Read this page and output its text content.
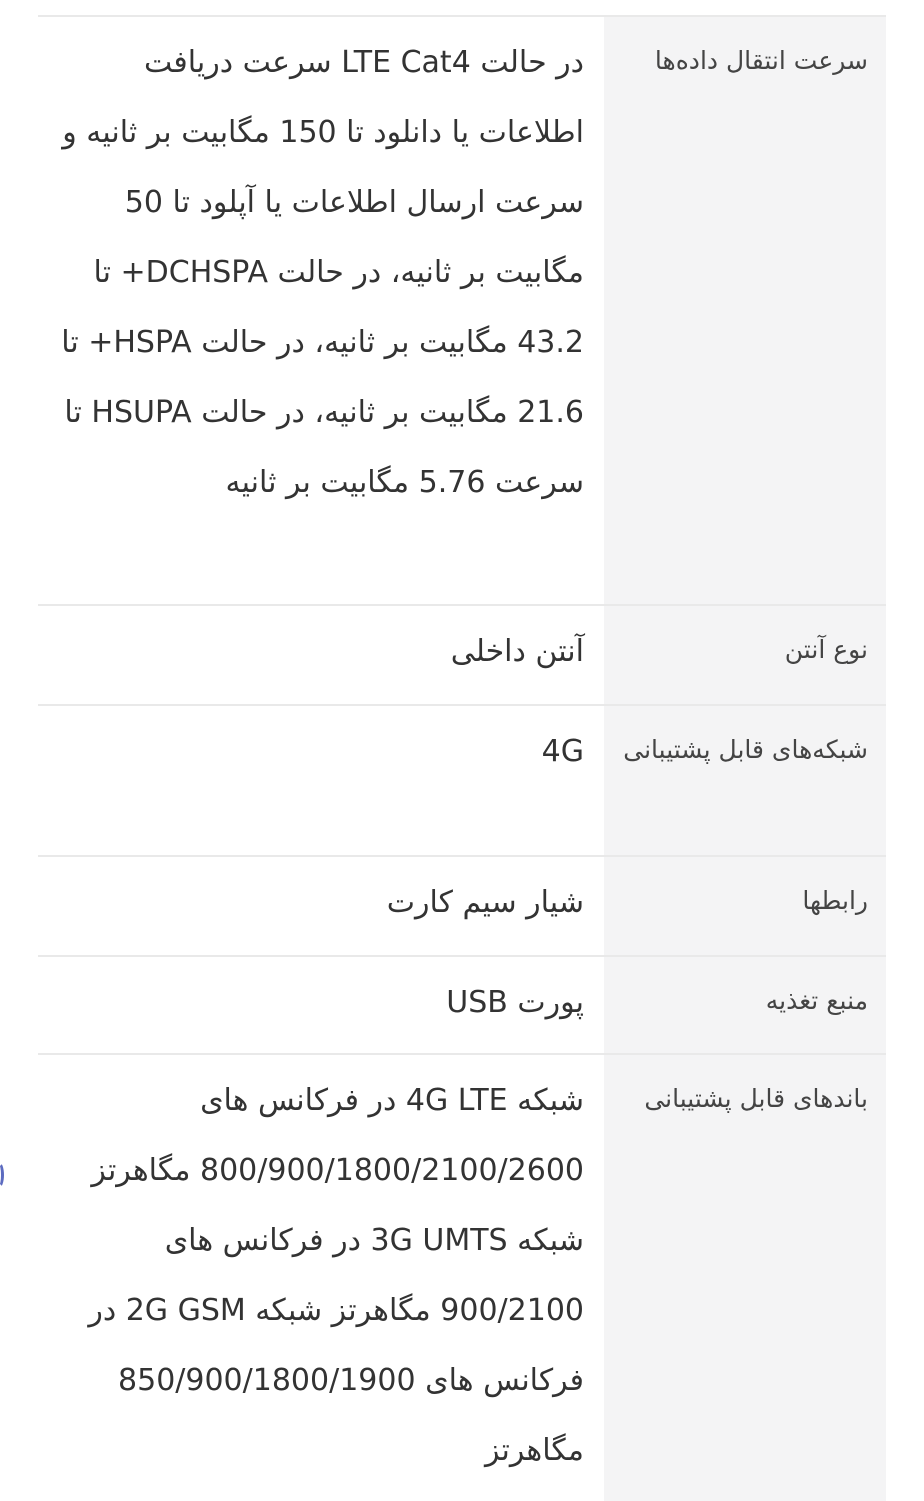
سرعت انتقال داده‌ها
در حالت LTE Cat4 سرعت دریافت اطلاعات یا دانلود تا 150 مگابیت بر ثانیه و سرعت ارسال اطلاعات یا آپلود تا 50 مگابیت بر ثانیه، در حالت DCHSPA+ تا 43.2 مگابیت بر ثانیه، در حالت HSPA+ تا 21.6 مگابیت بر ثانیه، در حالت HSUPA تا سرعت 5.76 مگابیت بر ثانیه
نوع آنتن
آنتن داخلی
شبکه‌های قابل پشتیبانی
4G
رابطها
شیار سیم کارت
منبع تغذیه
پورت USB
باندهای قابل پشتیبانی
شبکه 4G LTE در فرکانس های 800/900/1800/2100/2600 مگاهرتز شبکه 3G UMTS در فرکانس های 900/2100 مگاهرتز شبکه 2G GSM در فرکانس های 850/900/1800/1900 مگاهرتز
